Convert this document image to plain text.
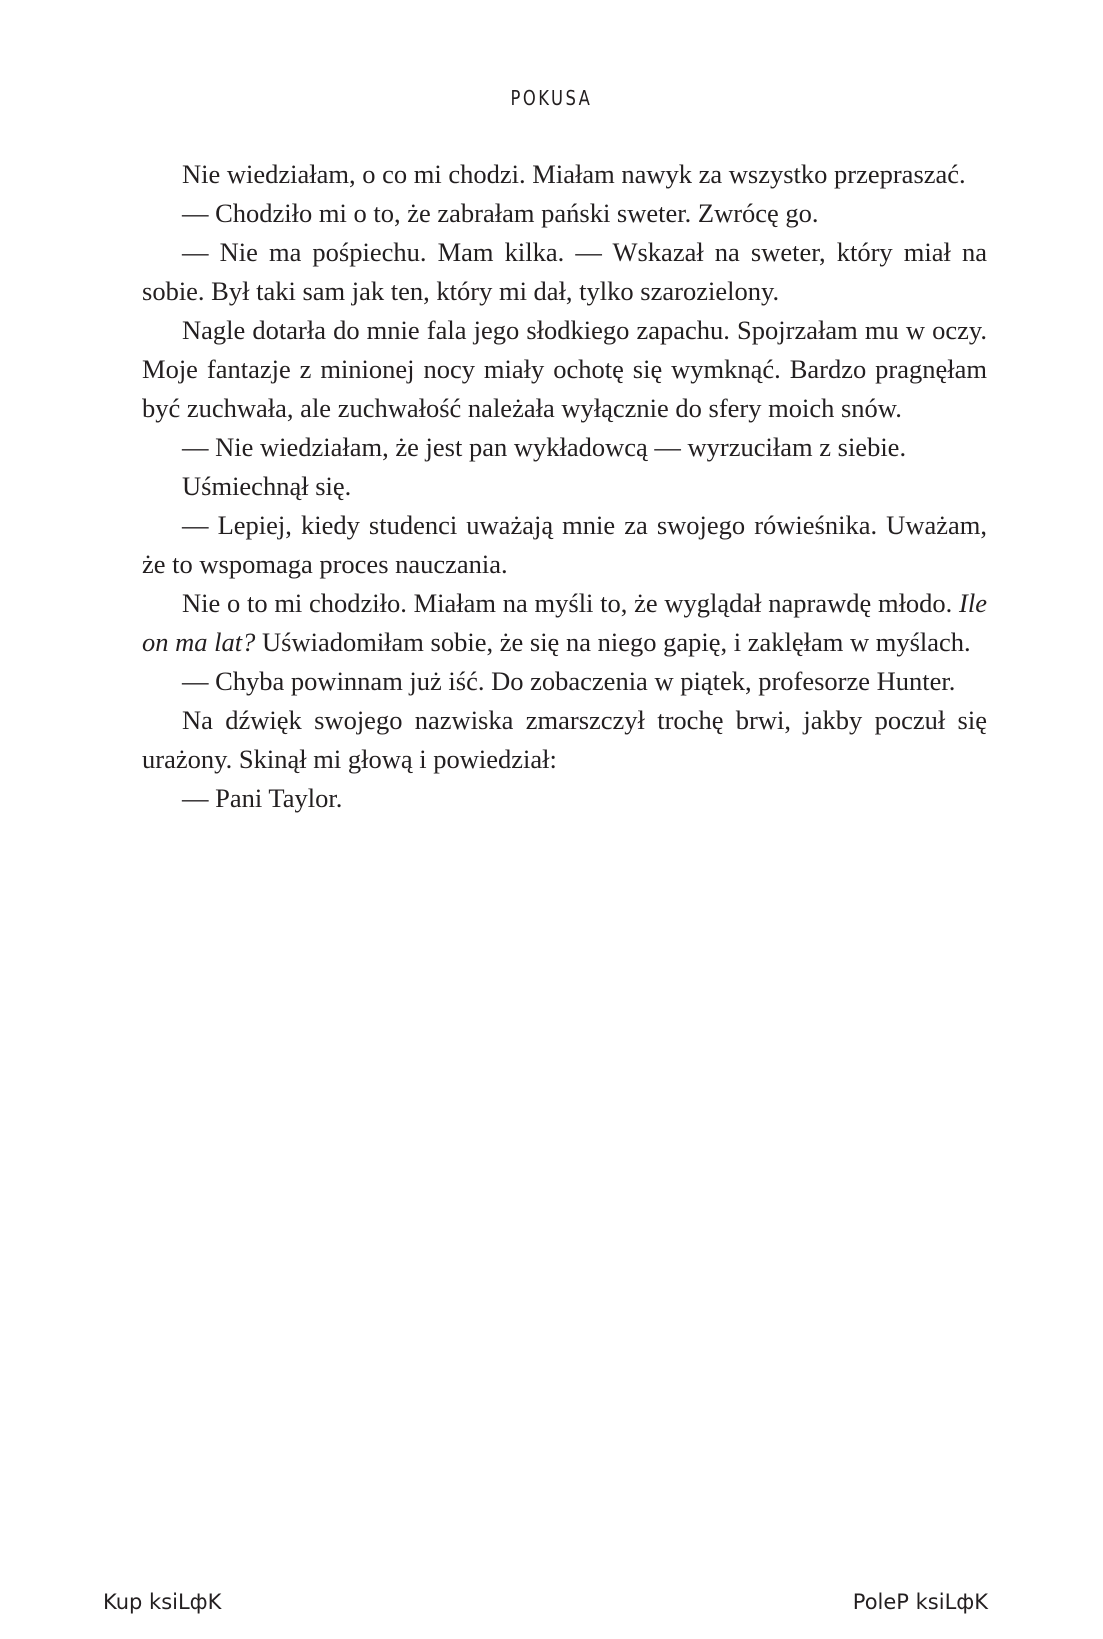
POKUSA

Nie wiedziałam, o co mi chodzi. Miałam nawyk za wszystko przepraszać.

— Chodziło mi o to, że zabrałam pański sweter. Zwrócę go.

— Nie ma pośpiechu. Mam kilka. — Wskazał na sweter, który miał na sobie. Był taki sam jak ten, który mi dał, tylko szarozielony.

Nagle dotarła do mnie fala jego słodkiego zapachu. Spojrzałam mu w oczy. Moje fantazje z minionej nocy miały ochotę się wymknąć. Bardzo pragnęłam być zuchwała, ale zuchwałość należała wyłącznie do sfery moich snów.

— Nie wiedziałam, że jest pan wykładowcą — wyrzuciłam z siebie.

Uśmiechnął się.

— Lepiej, kiedy studenci uważają mnie za swojego rówieśnika. Uważam, że to wspomaga proces nauczania.

Nie o to mi chodziło. Miałam na myśli to, że wyglądał naprawdę młodo. Ile on ma lat? Uświadomiłam sobie, że się na niego gapię, i zaklęłam w myślach.

— Chyba powinnam już iść. Do zobaczenia w piątek, profesorze Hunter.

Na dźwięk swojego nazwiska zmarszczył trochę brwi, jakby poczuł się urażony. Skinął mi głową i powiedział:

— Pani Taylor.

Kup ksiLфK	PoleP ksiLфK
